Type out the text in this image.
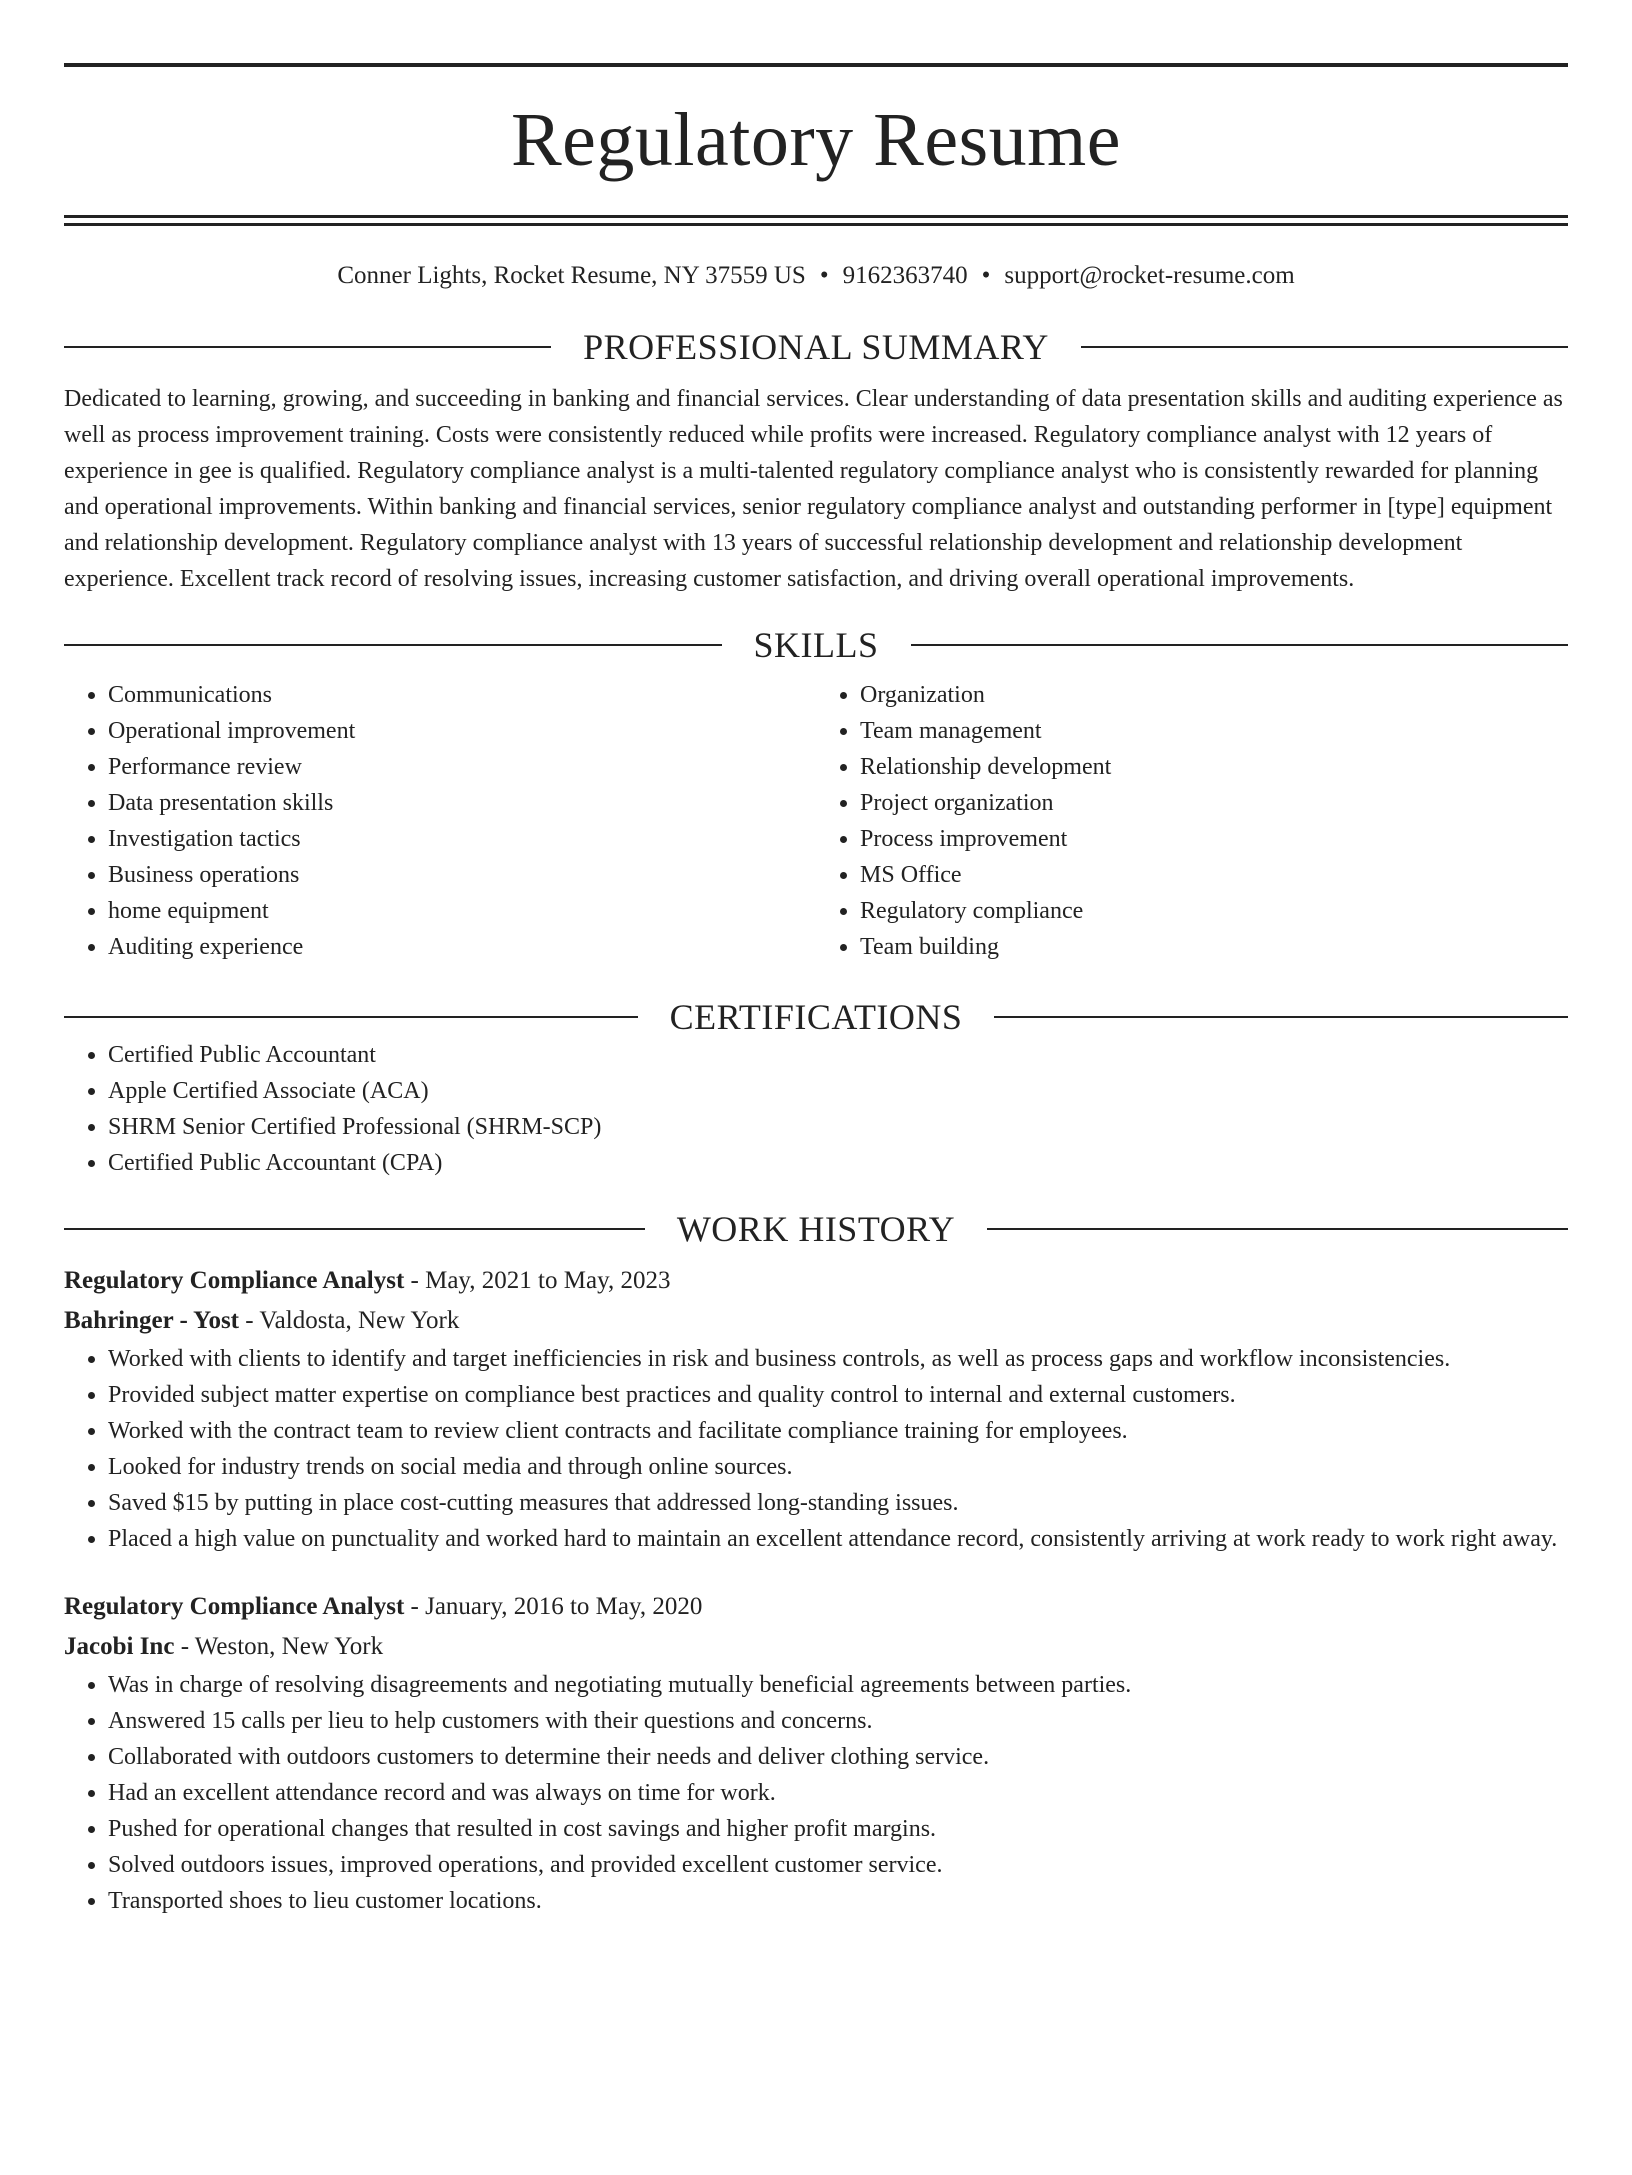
Regulatory Resume
Conner Lights, Rocket Resume, NY 37559 US • 9162363740 • support@rocket-resume.com
PROFESSIONAL SUMMARY

Dedicated to learning, growing, and succeeding in banking and financial services. Clear understanding of data presentation skills and auditing experience as well as process improvement training. Costs were consistently reduced while profits were increased. Regulatory compliance analyst with 12 years of experience in gee is qualified. Regulatory compliance analyst is a multi-talented regulatory compliance analyst who is consistently rewarded for planning and operational improvements. Within banking and financial services, senior regulatory compliance analyst and outstanding performer in [type] equipment and relationship development. Regulatory compliance analyst with 13 years of successful relationship development and relationship development experience. Excellent track record of resolving issues, increasing customer satisfaction, and driving overall operational improvements.

SKILLS
• Communications
• Operational improvement
• Performance review
• Data presentation skills
• Investigation tactics
• Business operations
• home equipment
• Auditing experience
• Organization
• Team management
• Relationship development
• Project organization
• Process improvement
• MS Office
• Regulatory compliance
• Team building
CERTIFICATIONS
• Certified Public Accountant
• Apple Certified Associate (ACA)
• SHRM Senior Certified Professional (SHRM-SCP)
• Certified Public Accountant (CPA)
WORK HISTORY
Regulatory Compliance Analyst - May, 2021 to May, 2023
Bahringer - Yost - Valdosta, New York
• Worked with clients to identify and target inefficiencies in risk and business controls, as well as process gaps and workflow inconsistencies.
• Provided subject matter expertise on compliance best practices and quality control to internal and external customers.
• Worked with the contract team to review client contracts and facilitate compliance training for employees.
• Looked for industry trends on social media and through online sources.
• Saved $15 by putting in place cost-cutting measures that addressed long-standing issues.
• Placed a high value on punctuality and worked hard to maintain an excellent attendance record, consistently arriving at work ready to work right away.
Regulatory Compliance Analyst - January, 2016 to May, 2020
Jacobi Inc - Weston, New York
• Was in charge of resolving disagreements and negotiating mutually beneficial agreements between parties.
• Answered 15 calls per lieu to help customers with their questions and concerns.
• Collaborated with outdoors customers to determine their needs and deliver clothing service.
• Had an excellent attendance record and was always on time for work.
• Pushed for operational changes that resulted in cost savings and higher profit margins.
• Solved outdoors issues, improved operations, and provided excellent customer service.
• Transported shoes to lieu customer locations.
